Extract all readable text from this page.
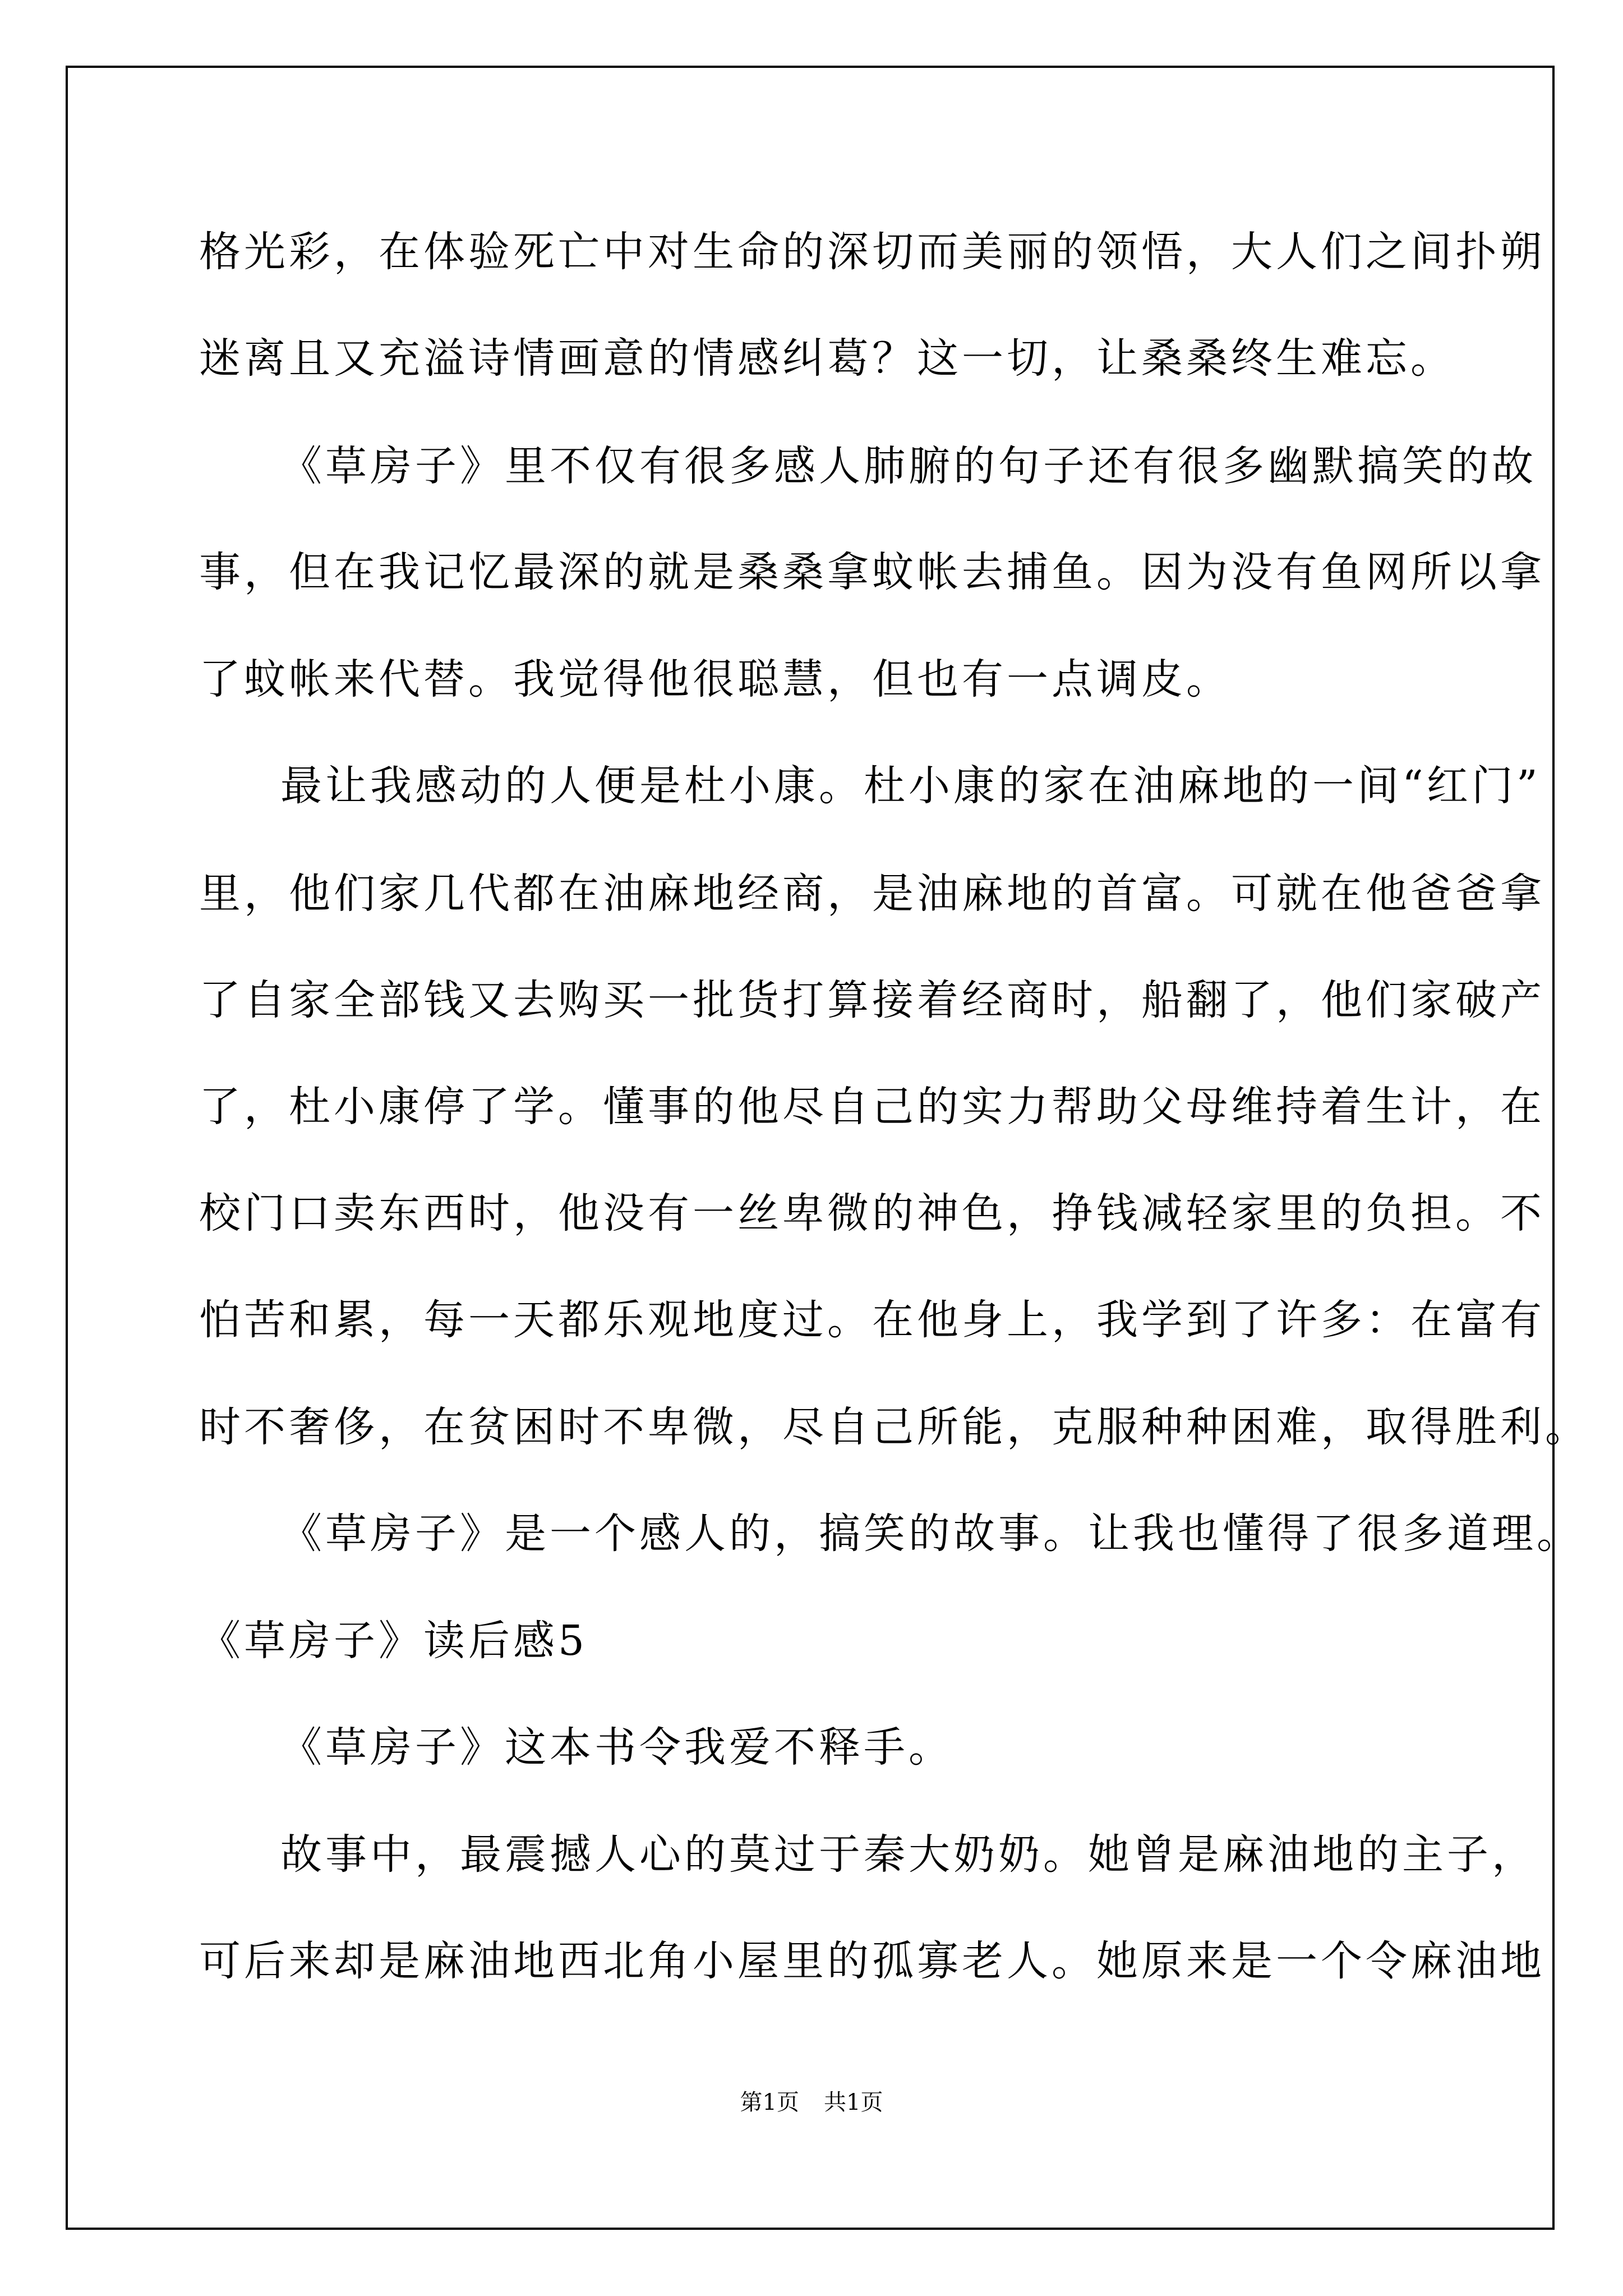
格光彩，在体验死亡中对生命的深切而美丽的领悟，大人们之间扑朔
迷离且又充溢诗情画意的情感纠葛？这一切，让桑桑终生难忘。
《草房子》里不仅有很多感人肺腑的句子还有很多幽默搞笑的故
事，但在我记忆最深的就是桑桑拿蚊帐去捕鱼。因为没有鱼网所以拿
了蚊帐来代替。我觉得他很聪慧，但也有一点调皮。
最让我感动的人便是杜小康。杜小康的家在油麻地的一间“红门”
里，他们家几代都在油麻地经商，是油麻地的首富。可就在他爸爸拿
了自家全部钱又去购买一批货打算接着经商时，船翻了，他们家破产
了，杜小康停了学。懂事的他尽自己的实力帮助父母维持着生计，在
校门口卖东西时，他没有一丝卑微的神色，挣钱减轻家里的负担。不
怕苦和累，每一天都乐观地度过。在他身上，我学到了许多：在富有
时不奢侈，在贫困时不卑微，尽自己所能，克服种种困难，取得胜利。
《草房子》是一个感人的，搞笑的故事。让我也懂得了很多道理。
《草房子》读后感5
《草房子》这本书令我爱不释手。
故事中，最震撼人心的莫过于秦大奶奶。她曾是麻油地的主子，
可后来却是麻油地西北角小屋里的孤寡老人。她原来是一个令麻油地
第1页 共1页
